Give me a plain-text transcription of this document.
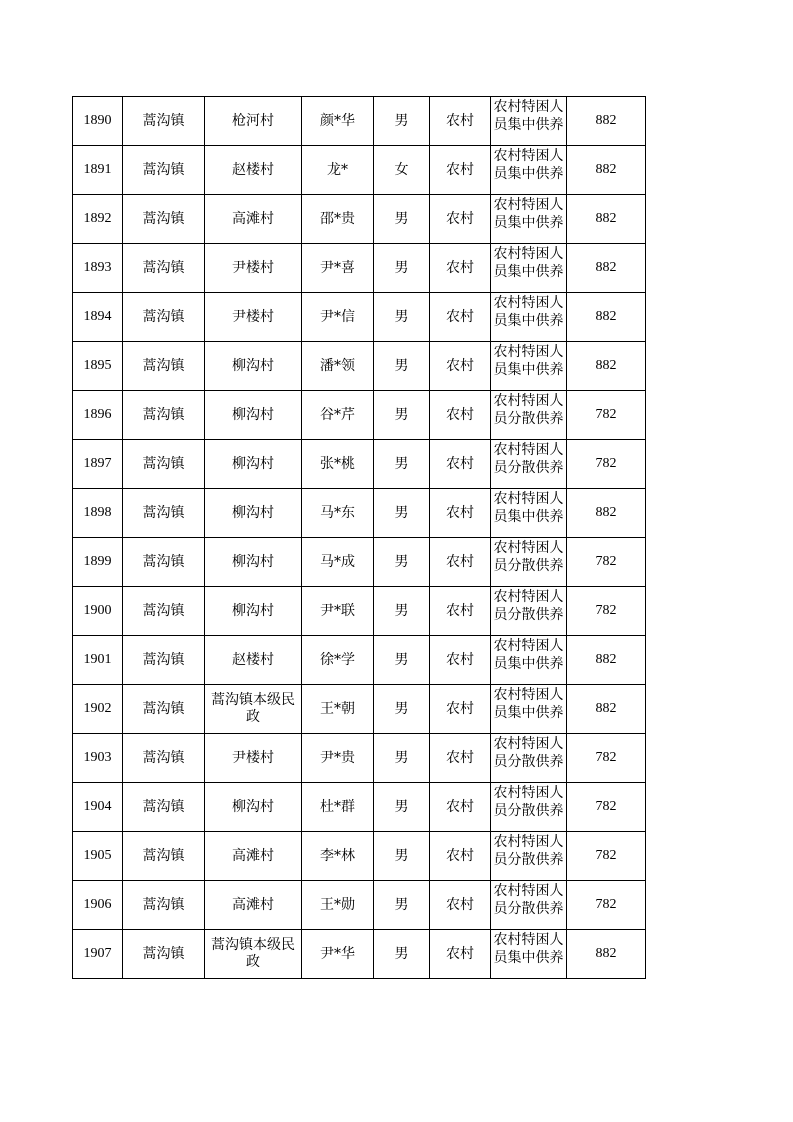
1890	蒿沟镇	枪河村	颜*华	男	农村	农村特困人员集中供养	882
1891	蒿沟镇	赵楼村	龙*	女	农村	农村特困人员集中供养	882
1892	蒿沟镇	高滩村	邵*贵	男	农村	农村特困人员集中供养	882
1893	蒿沟镇	尹楼村	尹*喜	男	农村	农村特困人员集中供养	882
1894	蒿沟镇	尹楼村	尹*信	男	农村	农村特困人员集中供养	882
1895	蒿沟镇	柳沟村	潘*领	男	农村	农村特困人员集中供养	882
1896	蒿沟镇	柳沟村	谷*芹	男	农村	农村特困人员分散供养	782
1897	蒿沟镇	柳沟村	张*桃	男	农村	农村特困人员分散供养	782
1898	蒿沟镇	柳沟村	马*东	男	农村	农村特困人员集中供养	882
1899	蒿沟镇	柳沟村	马*成	男	农村	农村特困人员分散供养	782
1900	蒿沟镇	柳沟村	尹*联	男	农村	农村特困人员分散供养	782
1901	蒿沟镇	赵楼村	徐*学	男	农村	农村特困人员集中供养	882
1902	蒿沟镇	蒿沟镇本级民政	王*朝	男	农村	农村特困人员集中供养	882
1903	蒿沟镇	尹楼村	尹*贵	男	农村	农村特困人员分散供养	782
1904	蒿沟镇	柳沟村	杜*群	男	农村	农村特困人员分散供养	782
1905	蒿沟镇	高滩村	李*林	男	农村	农村特困人员分散供养	782
1906	蒿沟镇	高滩村	王*勋	男	农村	农村特困人员分散供养	782
1907	蒿沟镇	蒿沟镇本级民政	尹*华	男	农村	农村特困人员集中供养	882
